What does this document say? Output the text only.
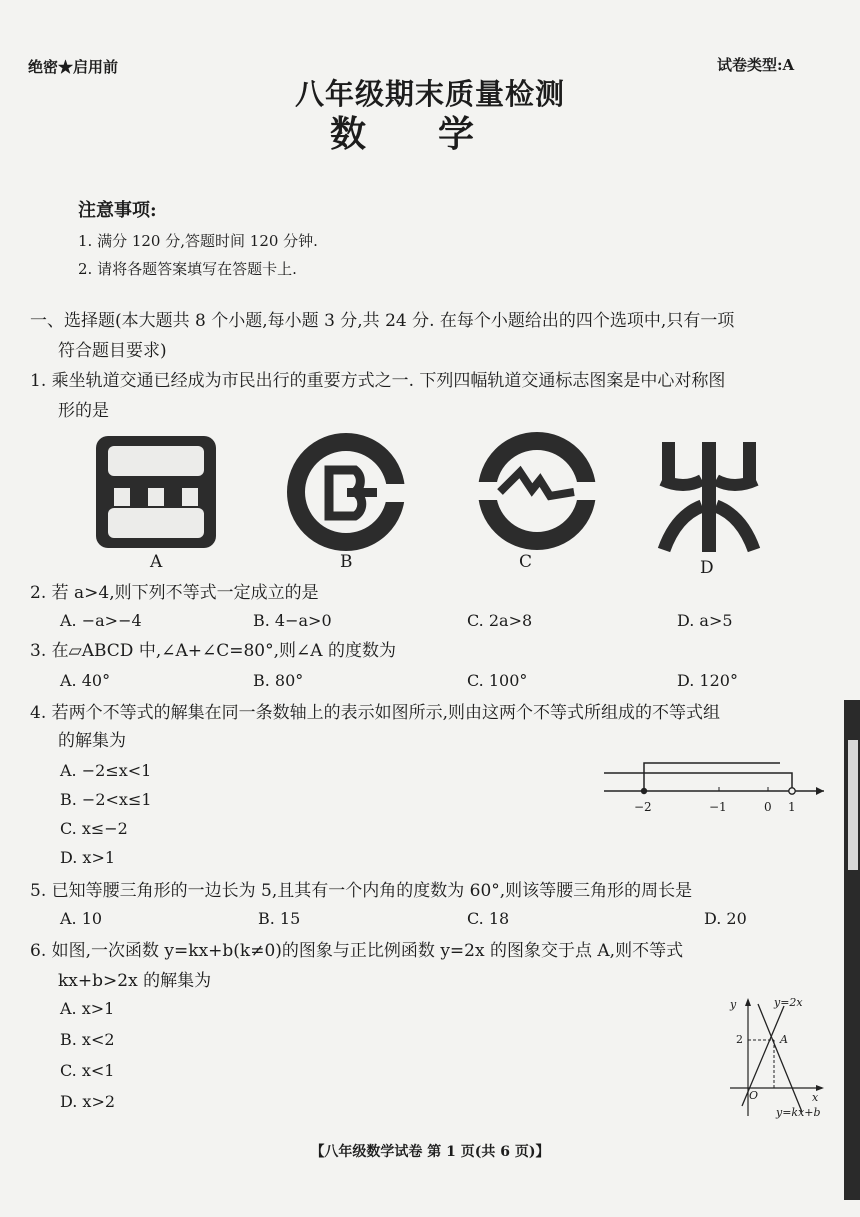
绝密★启用前	试卷类型:A
八年级期末质量检测
数学
注意事项:
1. 满分 120 分,答题时间 120 分钟.
2. 请将各题答案填写在答题卡上.
一、选择题(本大题共 8 个小题,每小题 3 分,共 24 分. 在每个小题给出的四个选项中,只有一项
符合题目要求)
1. 乘坐轨道交通已经成为市民出行的重要方式之一. 下列四幅轨道交通标志图案是中心对称图
形的是
A	B	C	D
2. 若 a>4,则下列不等式一定成立的是
A. −a>−4	B. 4−a>0	C. 2a>8	D. a>5
3. 在▱ABCD 中,∠A+∠C=80°,则∠A 的度数为
A. 40°	B. 80°	C. 100°	D. 120°
4. 若两个不等式的解集在同一条数轴上的表示如图所示,则由这两个不等式所组成的不等式组
的解集为
A. −2≤x<1
B. −2<x≤1
C. x≤−2
D. x>1
−2	−1	0 1
5. 已知等腰三角形的一边长为 5,且其有一个内角的度数为 60°,则该等腰三角形的周长是
A. 10	B. 15	C. 18	D. 20
6. 如图,一次函数 y=kx+b(k≠0)的图象与正比例函数 y=2x 的图象交于点 A,则不等式
kx+b>2x 的解集为
A. x>1
B. x<2
C. x<1
D. x>2
y	y=2x
2	A
O	x
y=kx+b
【八年级数学试卷 第 1 页(共 6 页)】
